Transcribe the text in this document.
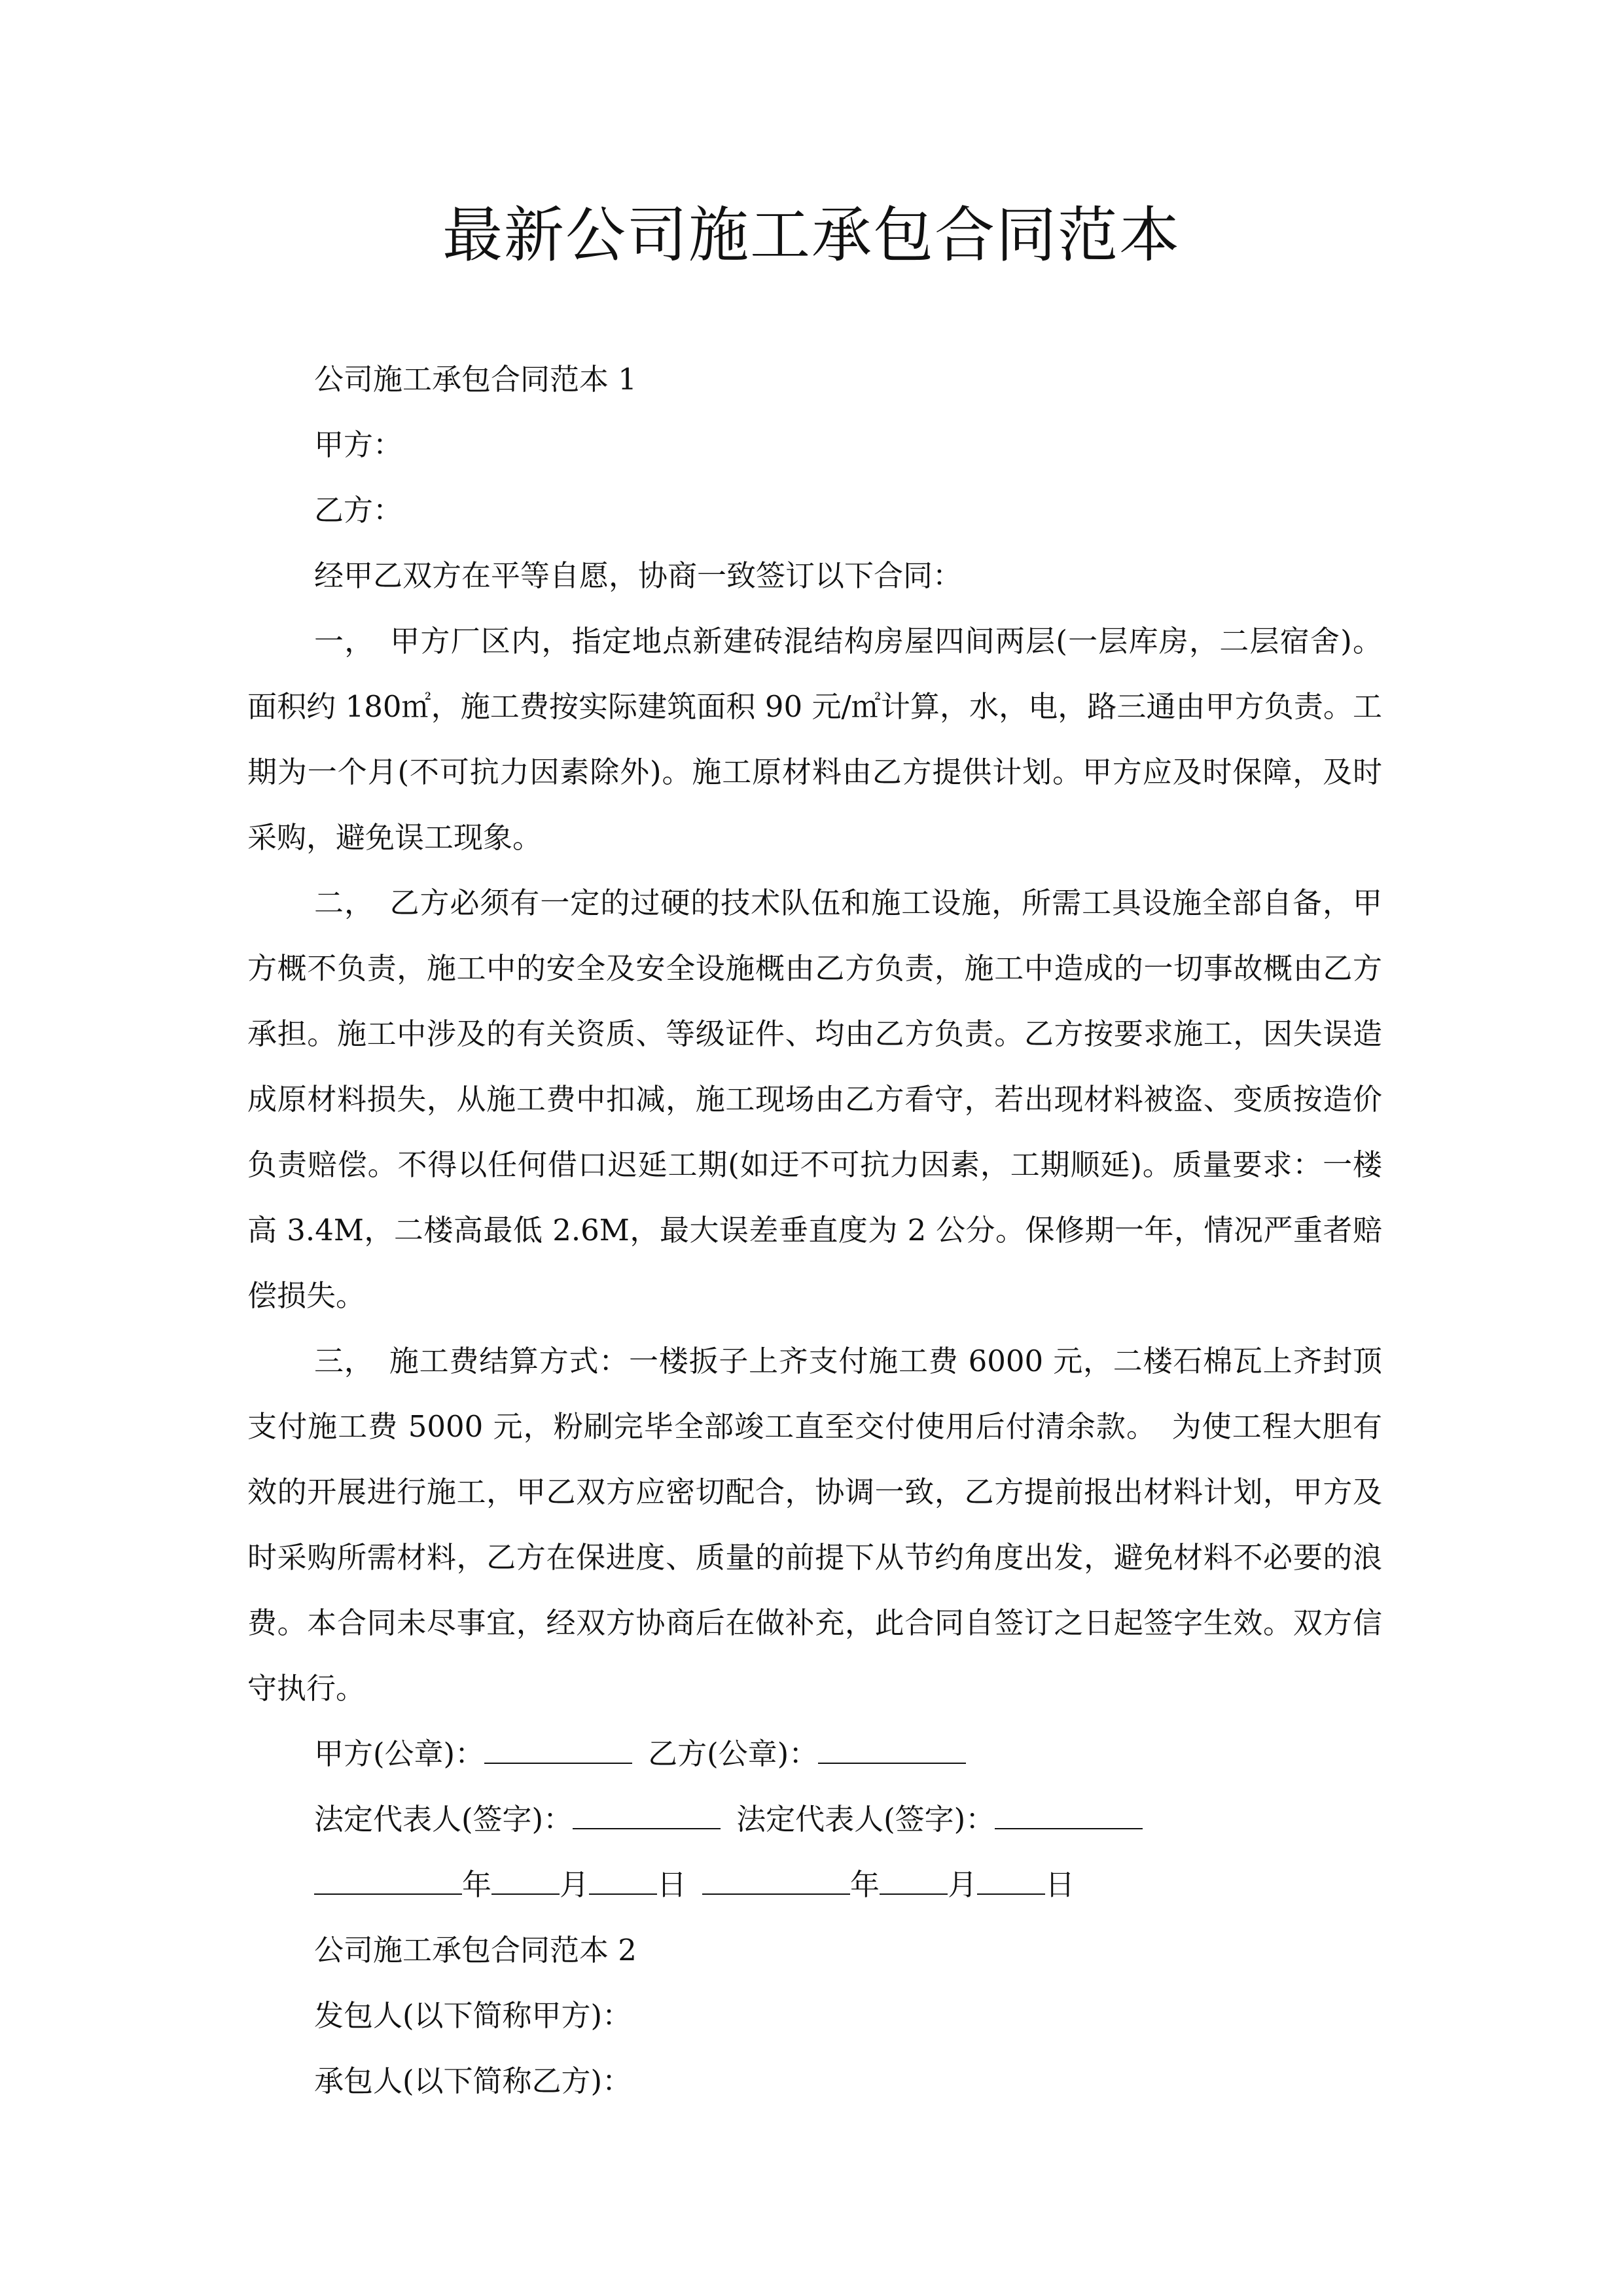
最新公司施工承包合同范本
公司施工承包合同范本 1
甲方：
乙方：
经甲乙双方在平等自愿，协商一致签订以下合同：

一，　甲方厂区内，指定地点新建砖混结构房屋四间两层(一层库房，二层宿舍)。面积约 180㎡，施工费按实际建筑面积 90 元/㎡计算，水，电，路三通由甲方负责。工期为一个月(不可抗力因素除外)。施工原材料由乙方提供计划。甲方应及时保障，及时采购，避免误工现象。

二，　乙方必须有一定的过硬的技术队伍和施工设施，所需工具设施全部自备，甲方概不负责，施工中的安全及安全设施概由乙方负责，施工中造成的一切事故概由乙方承担。施工中涉及的有关资质、等级证件、均由乙方负责。乙方按要求施工，因失误造成原材料损失，从施工费中扣减，施工现场由乙方看守，若出现材料被盗、变质按造价负责赔偿。不得以任何借口迟延工期(如迂不可抗力因素，工期顺延)。质量要求：一楼高 3.4M，二楼高最低 2.6M，最大误差垂直度为 2 公分。保修期一年，情况严重者赔偿损失。

三，　施工费结算方式：一楼扳子上齐支付施工费 6000 元，二楼石棉瓦上齐封顶支付施工费 5000 元，粉刷完毕全部竣工直至交付使用后付清余款。　为使工程大胆有效的开展进行施工，甲乙双方应密切配合，协调一致，乙方提前报出材料计划，甲方及时采购所需材料，乙方在保进度、质量的前提下从节约角度出发，避免材料不必要的浪费。本合同未尽事宜，经双方协商后在做补充，此合同自签订之日起签字生效。双方信守执行。

甲方(公章)：	乙方(公章)：
法定代表人(签字)：	法定代表人(签字)：
年 月 日	年 月 日
公司施工承包合同范本 2
发包人(以下简称甲方)：
承包人(以下简称乙方)：
